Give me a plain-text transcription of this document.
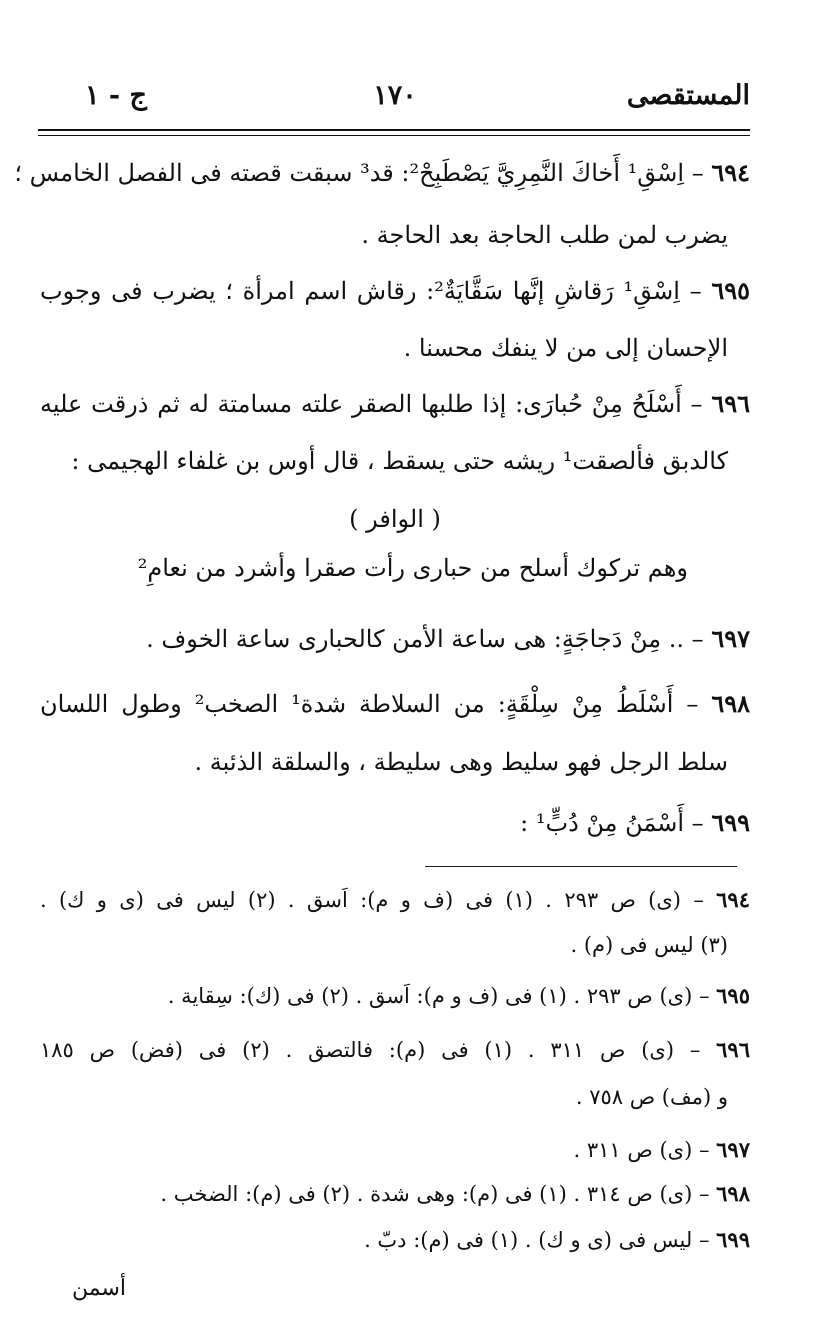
المستقصى
١٧٠
ج - ١
٦٩٤ – اِسْقِ¹ أَخاكَ النَّمِرِيَّ يَصْطَبِحْ²: قد³ سبقت قصته فى الفصل الخامس ؛
يضرب لمن طلب الحاجة بعد الحاجة .
٦٩٥ – اِسْقِ¹ رَقاشِ إنَّها سَقَّايَةٌ²: رقاش اسم امرأة ؛ يضرب فى وجوب
الإحسان إلى من لا ينفك محسنا .
٦٩٦ – أَسْلَحُ مِنْ حُبارَى: إذا طلبها الصقر علته مسامتة له ثم ذرقت عليه
كالدبق فألصقت¹ ريشه حتى يسقط ، قال أوس بن غلفاء الهجيمى :
( الوافر )
وهم تركوك أسلح من حبارى رأت صقرا وأشرد من نعامِ²
٦٩٧ – .. مِنْ دَجاجَةٍ: هى ساعة الأمن كالحبارى ساعة الخوف .
٦٩٨ – أَسْلَطُ مِنْ سِلْقَةٍ: من السلاطة شدة¹ الصخب² وطول اللسان
سلط الرجل فهو سليط وهى سليطة ، والسلقة الذئبة .
٦٩٩ – أَسْمَنُ مِنْ دُبٍّ¹ :
٦٩٤ – (ى) ص ٢٩٣ . (١) فى (ف و م): اَسق . (٢) ليس فى (ى و ك) .
(٣) ليس فى (م) .
٦٩٥ – (ى) ص ٢٩٣ . (١) فى (ف و م): اَسق . (٢) فى (ك): سِقاية .
٦٩٦ – (ى) ص ٣١١ . (١) فى (م): فالتصق . (٢) فى (فض) ص ١٨٥
و (مف) ص ٧٥٨ .
٦٩٧ – (ى) ص ٣١١ .
٦٩٨ – (ى) ص ٣١٤ . (١) فى (م): وهى شدة . (٢) فى (م): الضخب .
٦٩٩ – ليس فى (ى و ك) . (١) فى (م): دبّ .
أسمن
